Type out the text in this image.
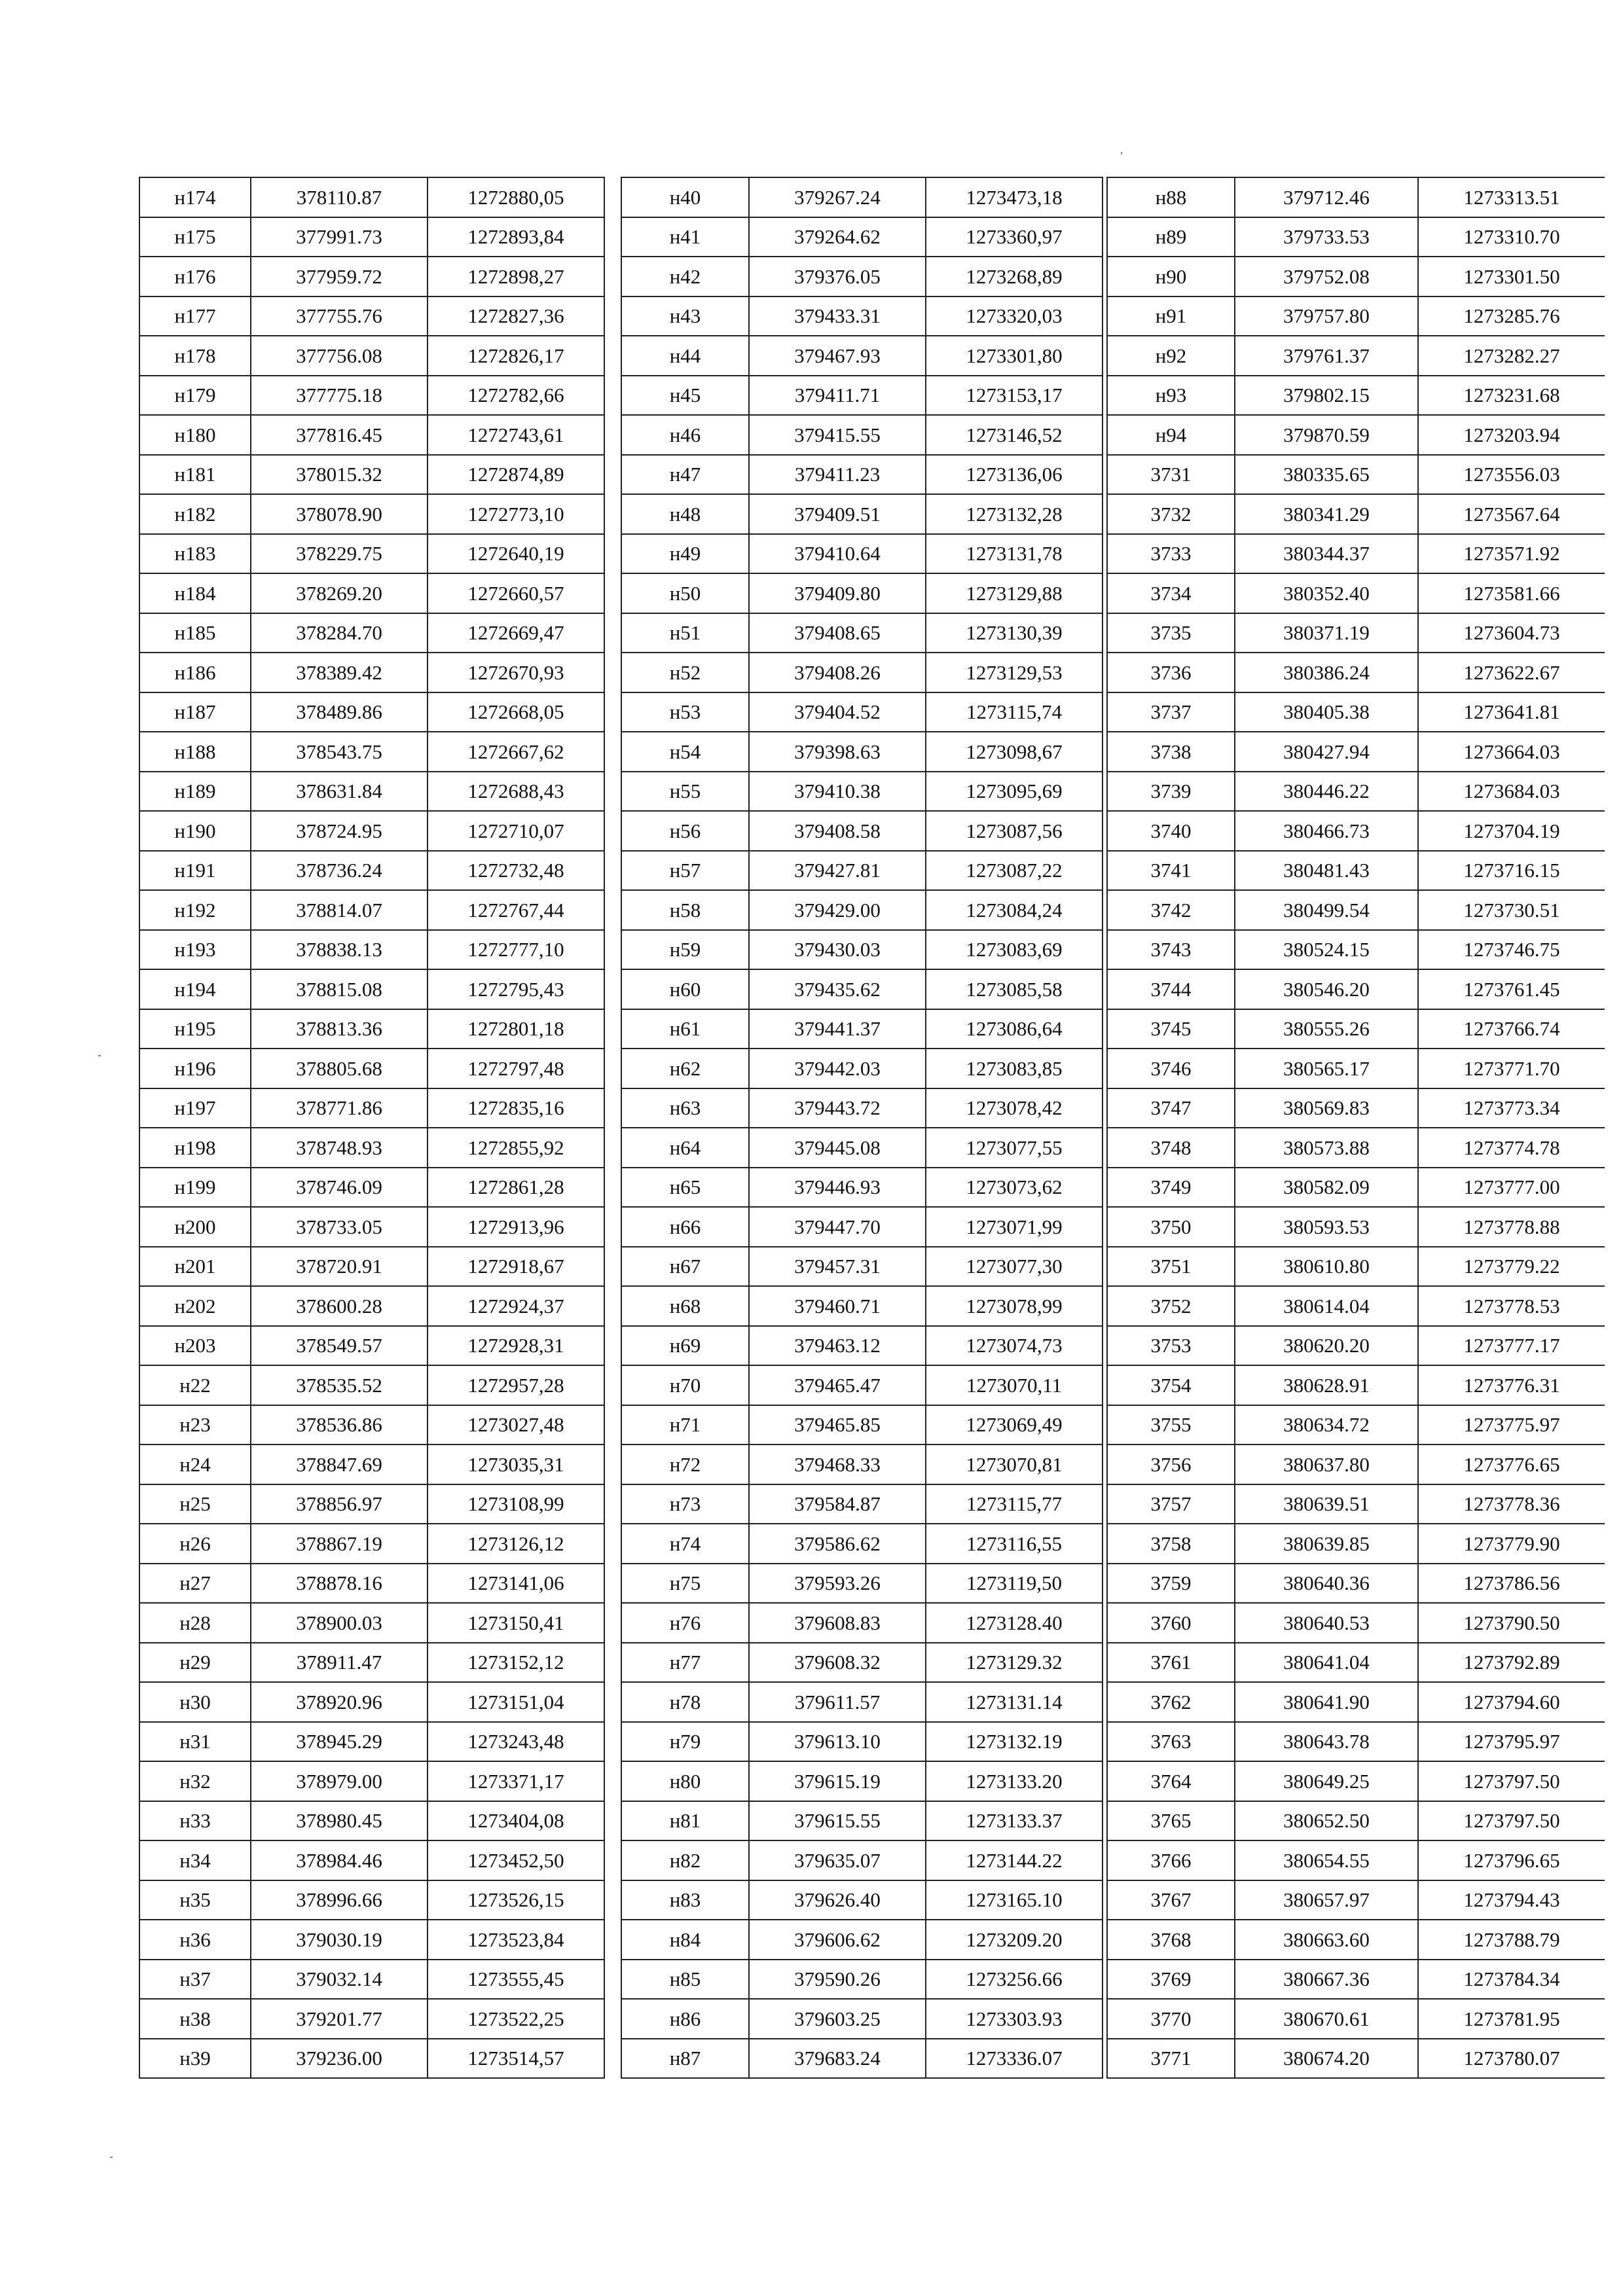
н174	378110.87	1272880,05
н175	377991.73	1272893,84
н176	377959.72	1272898,27
н177	377755.76	1272827,36
н178	377756.08	1272826,17
н179	377775.18	1272782,66
н180	377816.45	1272743,61
н181	378015.32	1272874,89
н182	378078.90	1272773,10
н183	378229.75	1272640,19
н184	378269.20	1272660,57
н185	378284.70	1272669,47
н186	378389.42	1272670,93
н187	378489.86	1272668,05
н188	378543.75	1272667,62
н189	378631.84	1272688,43
н190	378724.95	1272710,07
н191	378736.24	1272732,48
н192	378814.07	1272767,44
н193	378838.13	1272777,10
н194	378815.08	1272795,43
н195	378813.36	1272801,18
н196	378805.68	1272797,48
н197	378771.86	1272835,16
н198	378748.93	1272855,92
н199	378746.09	1272861,28
н200	378733.05	1272913,96
н201	378720.91	1272918,67
н202	378600.28	1272924,37
н203	378549.57	1272928,31
н22	378535.52	1272957,28
н23	378536.86	1273027,48
н24	378847.69	1273035,31
н25	378856.97	1273108,99
н26	378867.19	1273126,12
н27	378878.16	1273141,06
н28	378900.03	1273150,41
н29	378911.47	1273152,12
н30	378920.96	1273151,04
н31	378945.29	1273243,48
н32	378979.00	1273371,17
н33	378980.45	1273404,08
н34	378984.46	1273452,50
н35	378996.66	1273526,15
н36	379030.19	1273523,84
н37	379032.14	1273555,45
н38	379201.77	1273522,25
н39	379236.00	1273514,57
н40	379267.24	1273473,18
н41	379264.62	1273360,97
н42	379376.05	1273268,89
н43	379433.31	1273320,03
н44	379467.93	1273301,80
н45	379411.71	1273153,17
н46	379415.55	1273146,52
н47	379411.23	1273136,06
н48	379409.51	1273132,28
н49	379410.64	1273131,78
н50	379409.80	1273129,88
н51	379408.65	1273130,39
н52	379408.26	1273129,53
н53	379404.52	1273115,74
н54	379398.63	1273098,67
н55	379410.38	1273095,69
н56	379408.58	1273087,56
н57	379427.81	1273087,22
н58	379429.00	1273084,24
н59	379430.03	1273083,69
н60	379435.62	1273085,58
н61	379441.37	1273086,64
н62	379442.03	1273083,85
н63	379443.72	1273078,42
н64	379445.08	1273077,55
н65	379446.93	1273073,62
н66	379447.70	1273071,99
н67	379457.31	1273077,30
н68	379460.71	1273078,99
н69	379463.12	1273074,73
н70	379465.47	1273070,11
н71	379465.85	1273069,49
н72	379468.33	1273070,81
н73	379584.87	1273115,77
н74	379586.62	1273116,55
н75	379593.26	1273119,50
н76	379608.83	1273128.40
н77	379608.32	1273129.32
н78	379611.57	1273131.14
н79	379613.10	1273132.19
н80	379615.19	1273133.20
н81	379615.55	1273133.37
н82	379635.07	1273144.22
н83	379626.40	1273165.10
н84	379606.62	1273209.20
н85	379590.26	1273256.66
н86	379603.25	1273303.93
н87	379683.24	1273336.07
н88	379712.46	1273313.51
н89	379733.53	1273310.70
н90	379752.08	1273301.50
н91	379757.80	1273285.76
н92	379761.37	1273282.27
н93	379802.15	1273231.68
н94	379870.59	1273203.94
3731	380335.65	1273556.03
3732	380341.29	1273567.64
3733	380344.37	1273571.92
3734	380352.40	1273581.66
3735	380371.19	1273604.73
3736	380386.24	1273622.67
3737	380405.38	1273641.81
3738	380427.94	1273664.03
3739	380446.22	1273684.03
3740	380466.73	1273704.19
3741	380481.43	1273716.15
3742	380499.54	1273730.51
3743	380524.15	1273746.75
3744	380546.20	1273761.45
3745	380555.26	1273766.74
3746	380565.17	1273771.70
3747	380569.83	1273773.34
3748	380573.88	1273774.78
3749	380582.09	1273777.00
3750	380593.53	1273778.88
3751	380610.80	1273779.22
3752	380614.04	1273778.53
3753	380620.20	1273777.17
3754	380628.91	1273776.31
3755	380634.72	1273775.97
3756	380637.80	1273776.65
3757	380639.51	1273778.36
3758	380639.85	1273779.90
3759	380640.36	1273786.56
3760	380640.53	1273790.50
3761	380641.04	1273792.89
3762	380641.90	1273794.60
3763	380643.78	1273795.97
3764	380649.25	1273797.50
3765	380652.50	1273797.50
3766	380654.55	1273796.65
3767	380657.97	1273794.43
3768	380663.60	1273788.79
3769	380667.36	1273784.34
3770	380670.61	1273781.95
3771	380674.20	1273780.07
